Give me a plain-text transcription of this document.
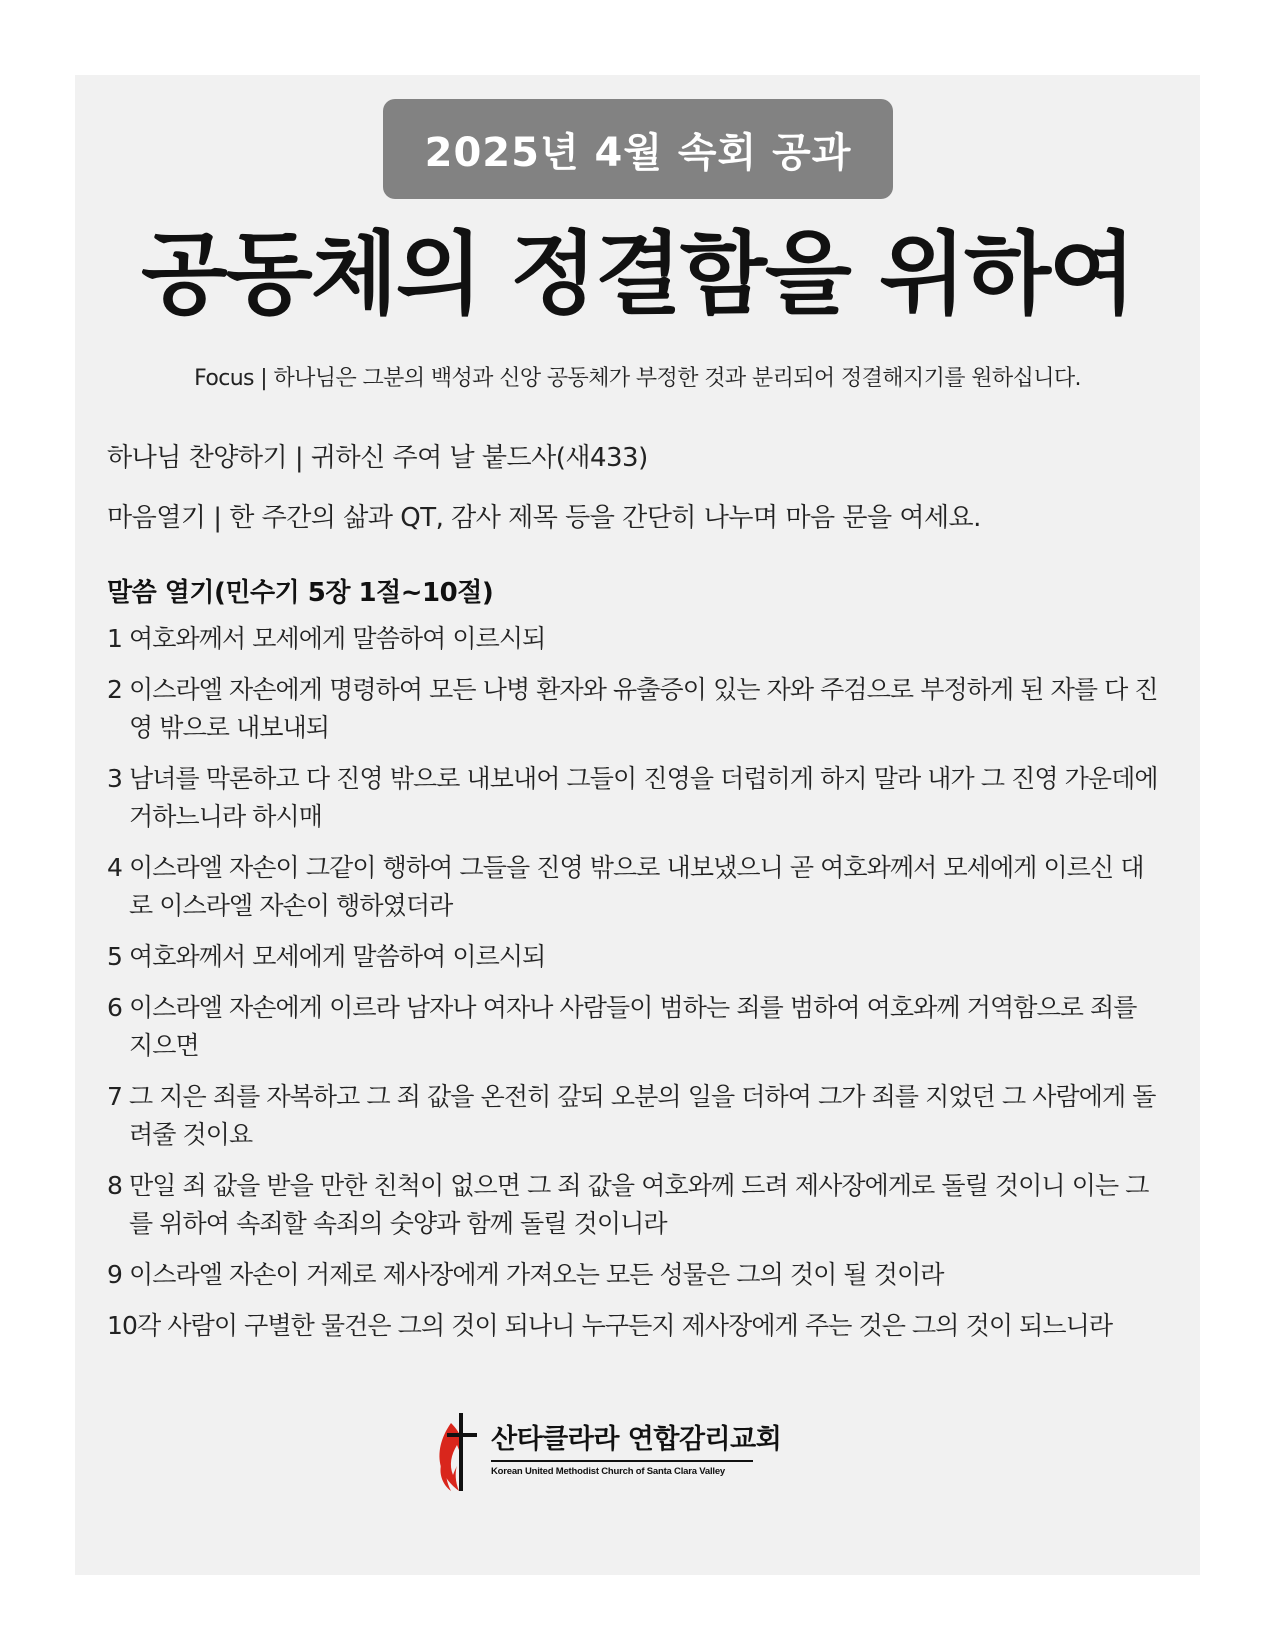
2025년 4월 속회 공과
공동체의 정결함을 위하여
Focus | 하나님은 그분의 백성과 신앙 공동체가 부정한 것과 분리되어 정결해지기를 원하십니다.
하나님 찬양하기 | 귀하신 주여 날 붙드사(새433)
마음열기 | 한 주간의 삶과 QT, 감사 제목 등을 간단히 나누며 마음 문을 여세요.
말씀 열기(민수기 5장 1절~10절)
1 여호와께서 모세에게 말씀하여 이르시되
2 이스라엘 자손에게 명령하여 모든 나병 환자와 유출증이 있는 자와 주검으로 부정하게 된 자를 다 진영 밖으로 내보내되
3 남녀를 막론하고 다 진영 밖으로 내보내어 그들이 진영을 더럽히게 하지 말라 내가 그 진영 가운데에 거하느니라 하시매
4 이스라엘 자손이 그같이 행하여 그들을 진영 밖으로 내보냈으니 곧 여호와께서 모세에게 이르신 대로 이스라엘 자손이 행하였더라
5 여호와께서 모세에게 말씀하여 이르시되
6 이스라엘 자손에게 이르라 남자나 여자나 사람들이 범하는 죄를 범하여 여호와께 거역함으로 죄를 지으면
7 그 지은 죄를 자복하고 그 죄 값을 온전히 갚되 오분의 일을 더하여 그가 죄를 지었던 그 사람에게 돌려줄 것이요
8 만일 죄 값을 받을 만한 친척이 없으면 그 죄 값을 여호와께 드려 제사장에게로 돌릴 것이니 이는 그를 위하여 속죄할 속죄의 숫양과 함께 돌릴 것이니라
9 이스라엘 자손이 거제로 제사장에게 가져오는 모든 성물은 그의 것이 될 것이라
10 각 사람이 구별한 물건은 그의 것이 되나니 누구든지 제사장에게 주는 것은 그의 것이 되느니라
산타클라라 연합감리교회
Korean United Methodist Church of Santa Clara Valley
